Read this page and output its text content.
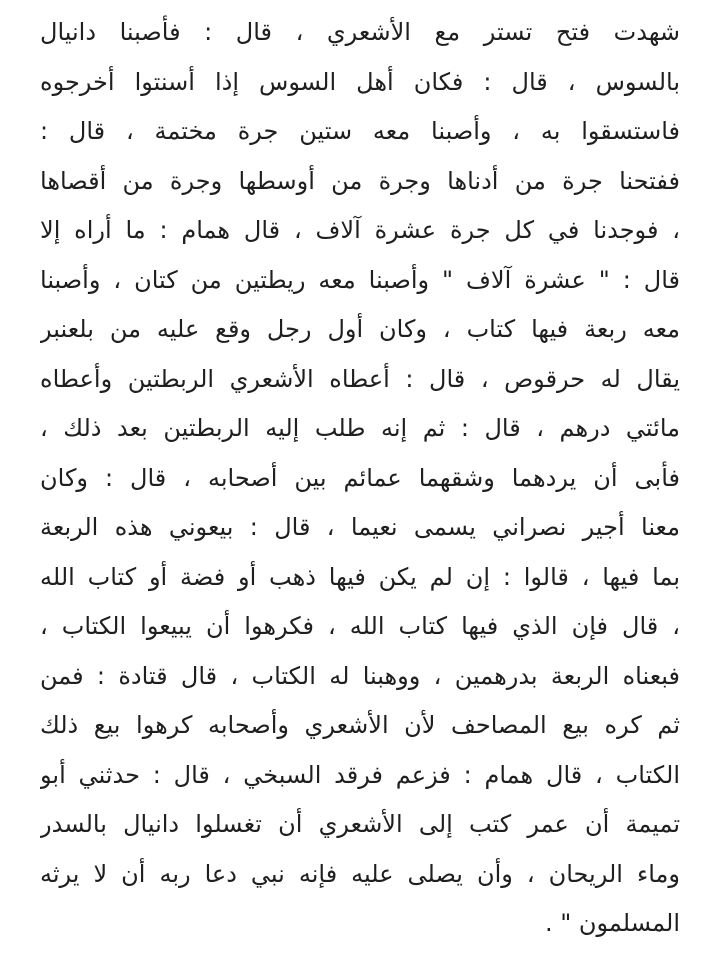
شهدت فتح تستر مع الأشعري ، قال : فأصبنا دانيال
بالسوس ، قال : فكان أهل السوس إذا أسنتوا أخرجوه
فاستسقوا به ، وأصبنا معه ستين جرة مختمة ، قال :
ففتحنا جرة من أدناها وجرة من أوسطها وجرة من أقصاها
، فوجدنا في كل جرة عشرة آلاف ، قال همام : ما أراه إلا
قال : " عشرة آلاف " وأصبنا معه ريطتين من كتان ، وأصبنا
معه ربعة فيها كتاب ، وكان أول رجل وقع عليه من بلعنبر
يقال له حرقوص ، قال : أعطاه الأشعري الربطتين وأعطاه
مائتي درهم ، قال : ثم إنه طلب إليه الربطتين بعد ذلك ،
فأبى أن يردهما وشقهما عمائم بين أصحابه ، قال : وكان
معنا أجير نصراني يسمى نعيما ، قال : بيعوني هذه الربعة
بما فيها ، قالوا : إن لم يكن فيها ذهب أو فضة أو كتاب الله
، قال فإن الذي فيها كتاب الله ، فكرهوا أن يبيعوا الكتاب ،
فبعناه الربعة بدرهمين ، ووهبنا له الكتاب ، قال قتادة : فمن
ثم كره بيع المصاحف لأن الأشعري وأصحابه كرهوا بيع ذلك
الكتاب ، قال همام : فزعم فرقد السبخي ، قال : حدثني أبو
تميمة أن عمر كتب إلى الأشعري أن تغسلوا دانيال بالسدر
وماء الريحان ، وأن يصلى عليه فإنه نبي دعا ربه أن لا يرثه
المسلمون " .
